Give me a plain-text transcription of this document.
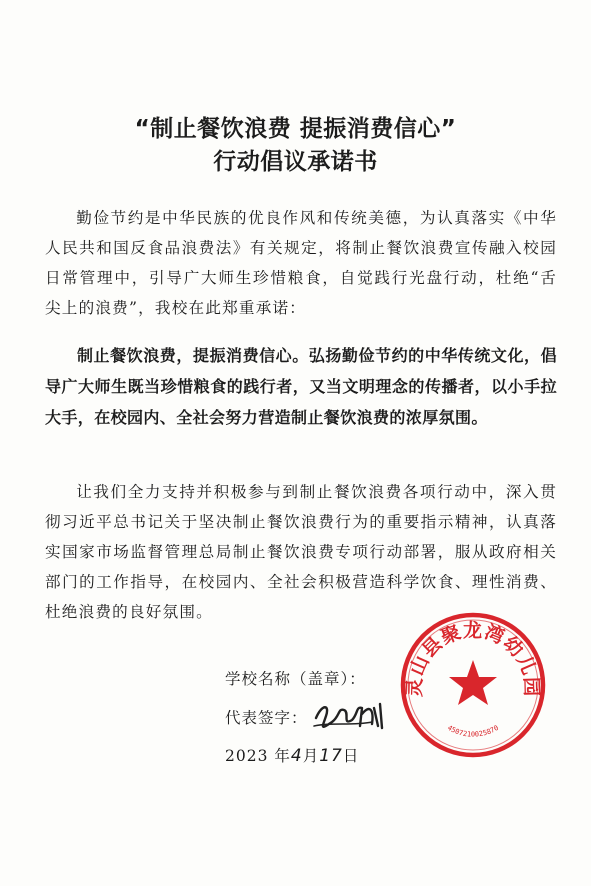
“制止餐饮浪费 提振消费信心”
行动倡议承诺书
勤俭节约是中华民族的优良作风和传统美德，为认真落实《中华人民共和国反食品浪费法》有关规定，将制止餐饮浪费宣传融入校园日常管理中，引导广大师生珍惜粮食，自觉践行光盘行动，杜绝“舌尖上的浪费”，我校在此郑重承诺：
制止餐饮浪费，提振消费信心。弘扬勤俭节约的中华传统文化，倡导广大师生既当珍惜粮食的践行者，又当文明理念的传播者，以小手拉大手，在校园内、全社会努力营造制止餐饮浪费的浓厚氛围。
让我们全力支持并积极参与到制止餐饮浪费各项行动中，深入贯彻习近平总书记关于坚决制止餐饮浪费行为的重要指示精神，认真落实国家市场监督管理总局制止餐饮浪费专项行动部署，服从政府相关部门的工作指导，在校园内、全社会积极营造科学饮食、理性消费、杜绝浪费的良好氛围。
学校名称（盖章）：
代表签字：
2023 年4月17日
灵山县聚龙湾幼儿园
4507210025870
